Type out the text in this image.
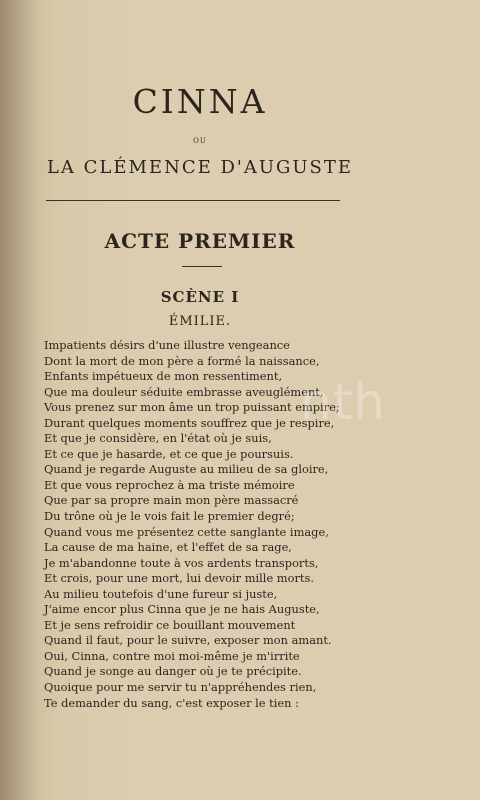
CINNA
OU
LA CLÉMENCE D'AUGUSTE
ACTE PREMIER
SCÈNE I
ÉMILIE.
Impatients désirs d'une illustre vengeance
Dont la mort de mon père a formé la naissance,
Enfants impétueux de mon ressentiment,
Que ma douleur séduite embrasse aveuglément,
Vous prenez sur mon âme un trop puissant empire;
Durant quelques moments souffrez que je respire,
Et que je considère, en l'état où je suis,
Et ce que je hasarde, et ce que je poursuis.
Quand je regarde Auguste au milieu de sa gloire,
Et que vous reprochez à ma triste mémoire
Que par sa propre main mon père massacré
Du trône où je le vois fait le premier degré;
Quand vous me présentez cette sanglante image,
La cause de ma haine, et l'effet de sa rage,
Je m'abandonne toute à vos ardents transports,
Et crois, pour une mort, lui devoir mille morts.
Au milieu toutefois d'une fureur si juste,
J'aime encor plus Cinna que je ne hais Auguste,
Et je sens refroidir ce bouillant mouvement
Quand il faut, pour le suivre, exposer mon amant.
Oui, Cinna, contre moi moi-même je m'irrite
Quand je songe au danger où je te précipite.
Quoique pour me servir tu n'appréhendes rien,
Te demander du sang, c'est exposer le tien :
nth
